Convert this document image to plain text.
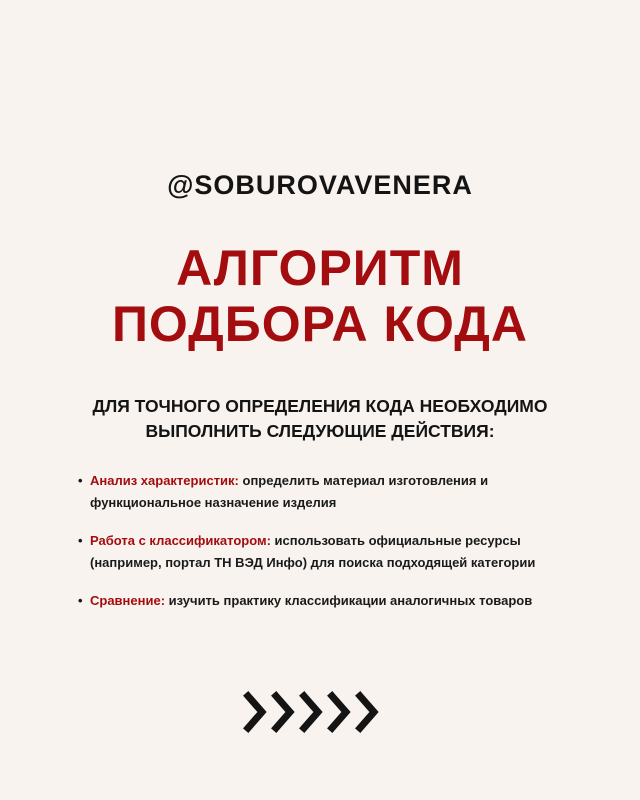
@SOBUROVAVENERA
АЛГОРИТМ
ПОДБОРА КОДА
ДЛЯ ТОЧНОГО ОПРЕДЕЛЕНИЯ КОДА НЕОБХОДИМО
ВЫПОЛНИТЬ СЛЕДУЮЩИЕ ДЕЙСТВИЯ:
• Анализ характеристик: определить материал изготовления и функциональное назначение изделия
• Работа с классификатором: использовать официальные ресурсы (например, портал ТН ВЭД Инфо) для поиска подходящей категории
• Сравнение: изучить практику классификации аналогичных товаров
